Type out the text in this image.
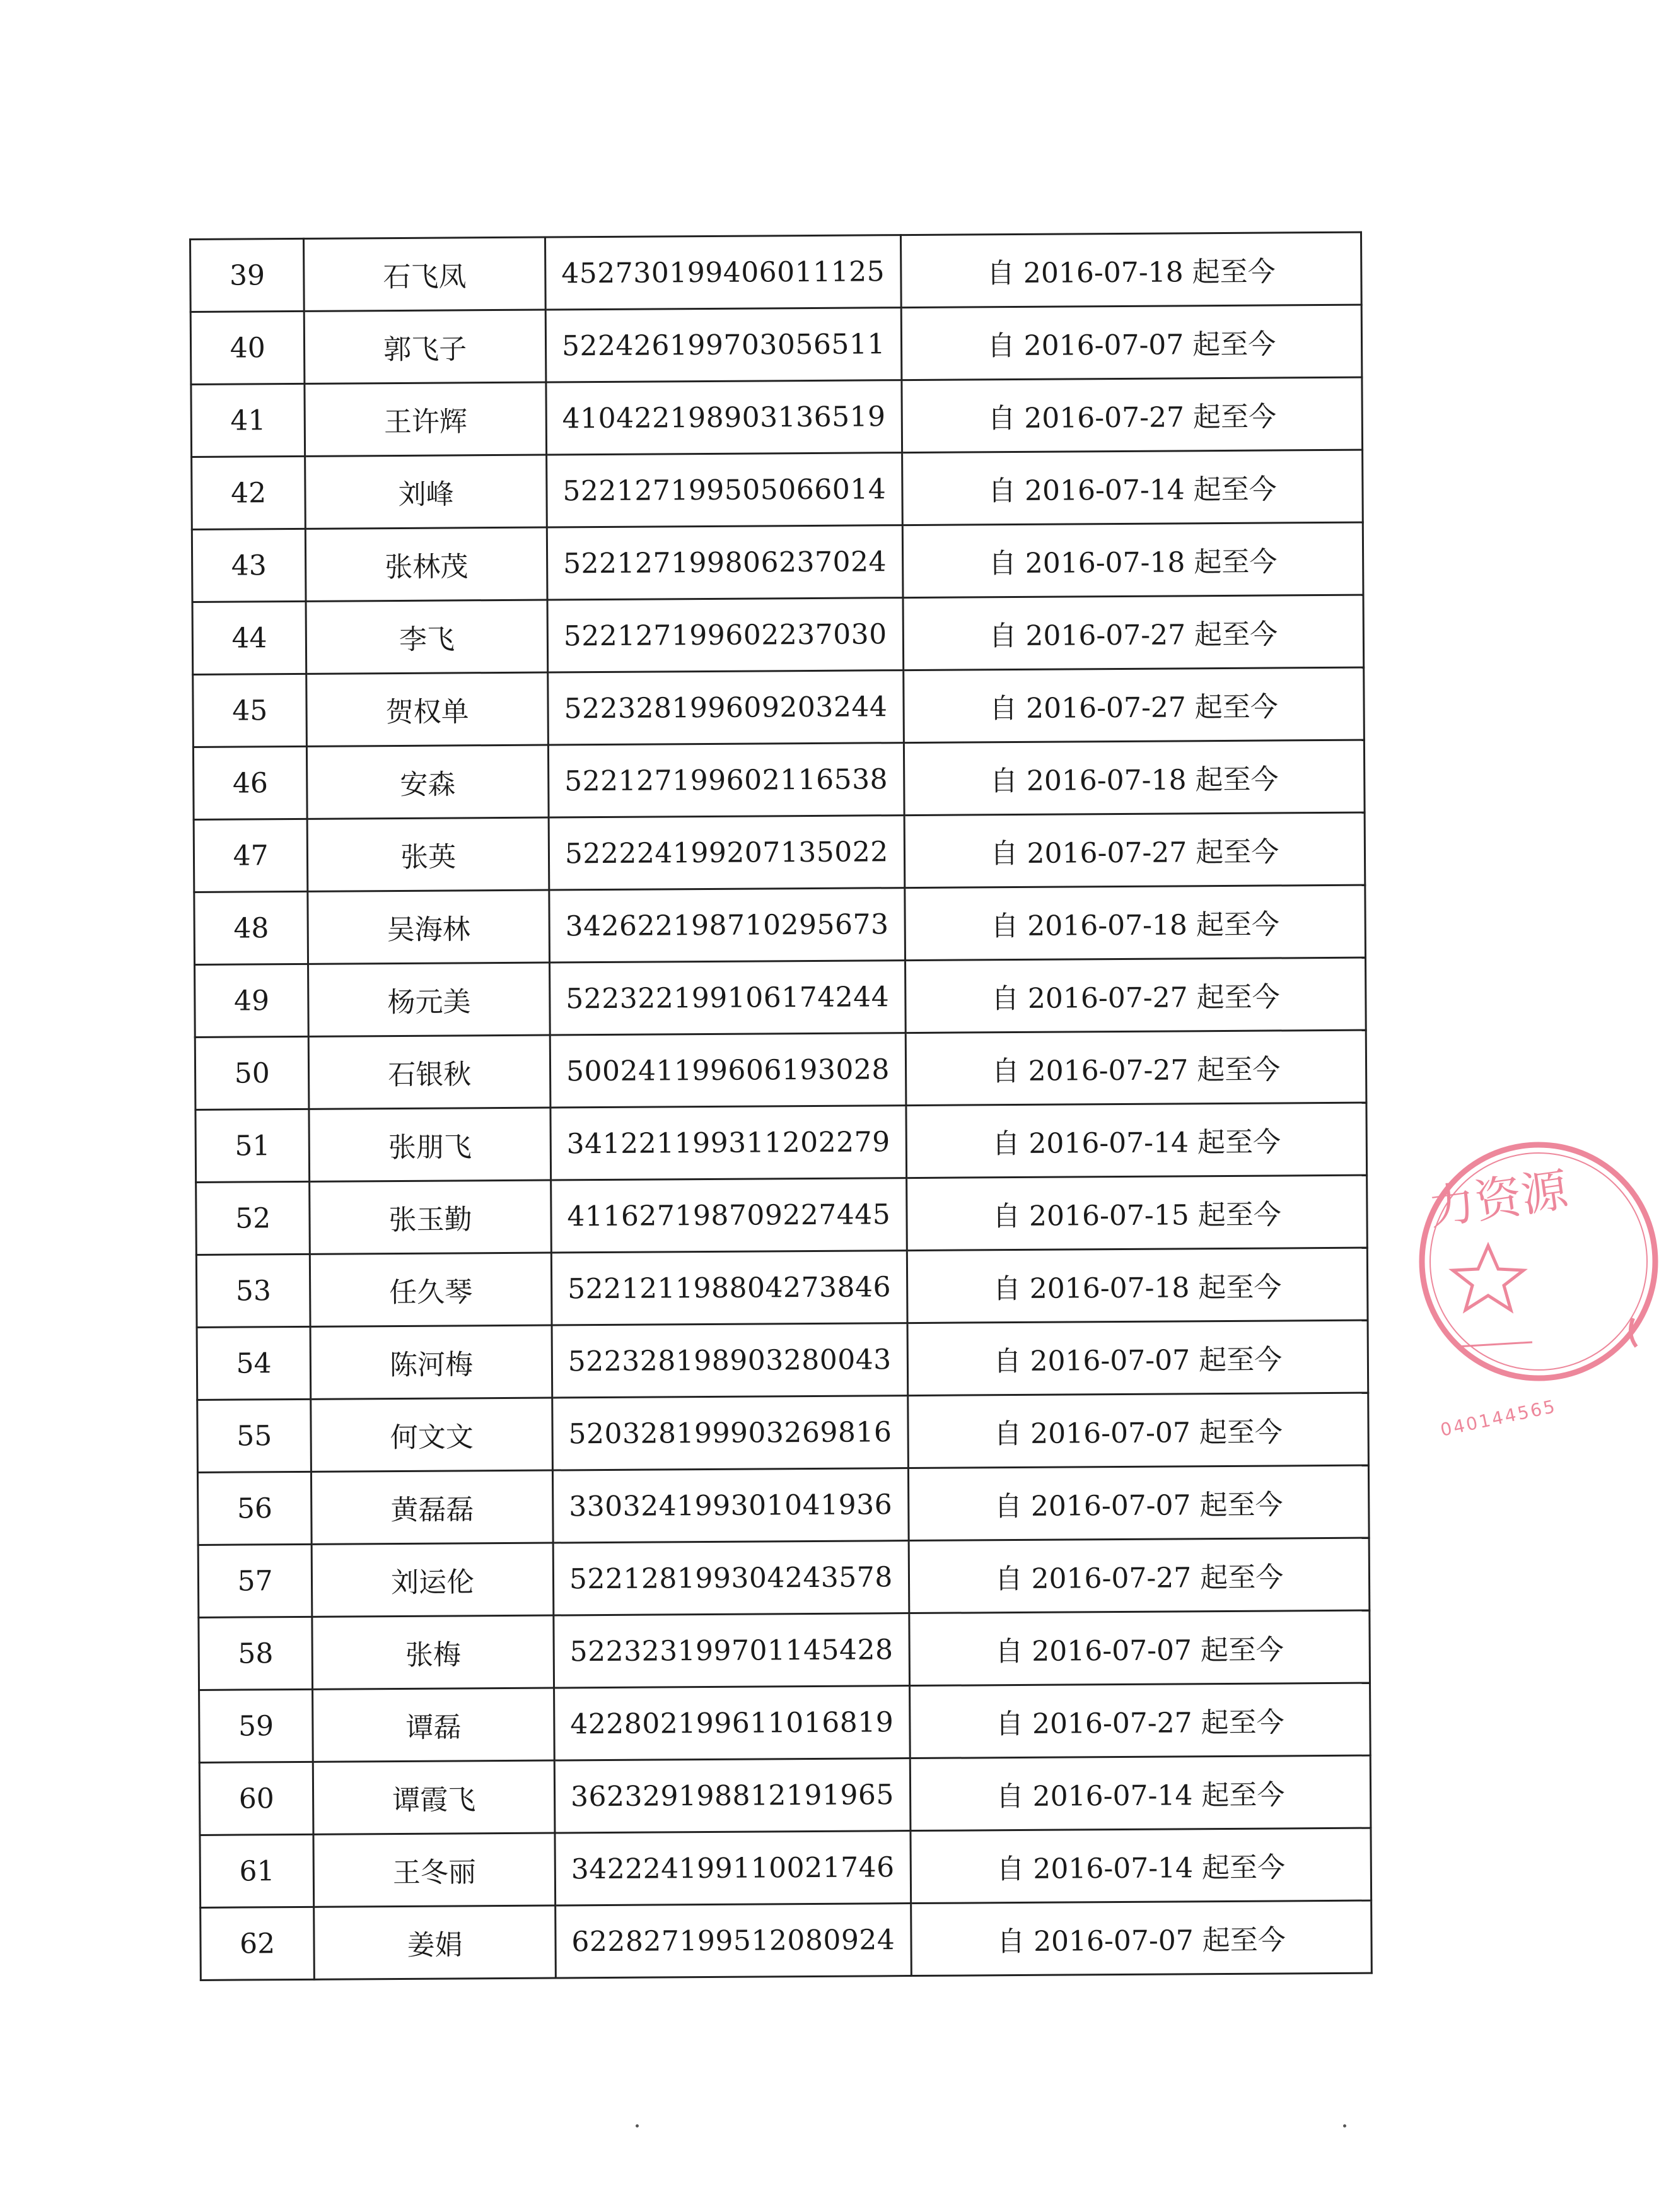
39	石飞凤	452730199406011125	自 2016-07-18 起至今
40	郭飞子	522426199703056511	自 2016-07-07 起至今
41	王许辉	410422198903136519	自 2016-07-27 起至今
42	刘峰	522127199505066014	自 2016-07-14 起至今
43	张林茂	522127199806237024	自 2016-07-18 起至今
44	李飞	522127199602237030	自 2016-07-27 起至今
45	贺权单	522328199609203244	自 2016-07-27 起至今
46	安森	522127199602116538	自 2016-07-18 起至今
47	张英	522224199207135022	自 2016-07-27 起至今
48	吴海林	342622198710295673	自 2016-07-18 起至今
49	杨元美	522322199106174244	自 2016-07-27 起至今
50	石银秋	500241199606193028	自 2016-07-27 起至今
51	张朋飞	341221199311202279	自 2016-07-14 起至今
52	张玉勤	411627198709227445	自 2016-07-15 起至今
53	任久琴	522121198804273846	自 2016-07-18 起至今
54	陈河梅	522328198903280043	自 2016-07-07 起至今
55	何文文	520328199903269816	自 2016-07-07 起至今
56	黄磊磊	330324199301041936	自 2016-07-07 起至今
57	刘运伦	522128199304243578	自 2016-07-27 起至今
58	张梅	522323199701145428	自 2016-07-07 起至今
59	谭磊	422802199611016819	自 2016-07-27 起至今
60	谭霞飞	362329198812191965	自 2016-07-14 起至今
61	王冬丽	342224199110021746	自 2016-07-14 起至今
62	姜娟	622827199512080924	自 2016-07-07 起至今
力资源
040144565
